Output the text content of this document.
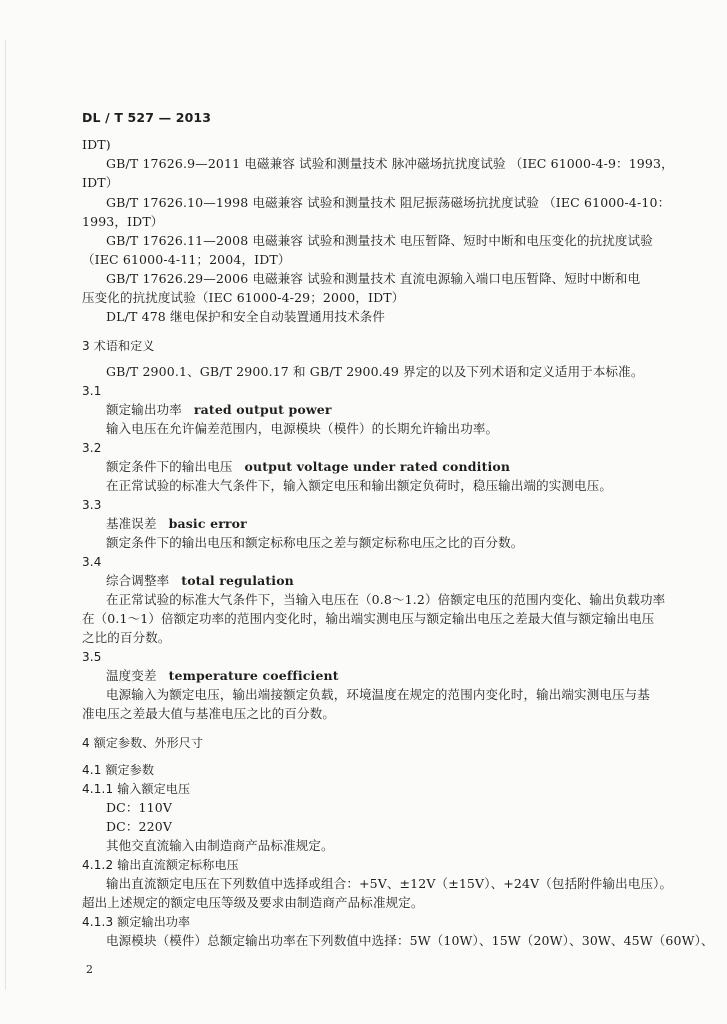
DL / T 527 — 2013
IDT)
GB/T 17626.9—2011 电磁兼容 试验和测量技术 脉冲磁场抗扰度试验 （IEC 61000-4-9：1993，
IDT）
GB/T 17626.10—1998 电磁兼容 试验和测量技术 阻尼振荡磁场抗扰度试验 （IEC 61000-4-10：
1993，IDT）
GB/T 17626.11—2008 电磁兼容 试验和测量技术 电压暂降、短时中断和电压变化的抗扰度试验
（IEC 61000-4-11；2004，IDT）
GB/T 17626.29—2006 电磁兼容 试验和测量技术 直流电源输入端口电压暂降、短时中断和电
压变化的抗扰度试验（IEC 61000-4-29；2000，IDT）
DL/T 478 继电保护和安全自动装置通用技术条件
3 术语和定义
GB/T 2900.1、GB/T 2900.17 和 GB/T 2900.49 界定的以及下列术语和定义适用于本标准。
3.1
额定输出功率 rated output power
输入电压在允许偏差范围内，电源模块（模件）的长期允许输出功率。
3.2
额定条件下的输出电压 output voltage under rated condition
在正常试验的标准大气条件下，输入额定电压和输出额定负荷时，稳压输出端的实测电压。
3.3
基准误差 basic error
额定条件下的输出电压和额定标称电压之差与额定标称电压之比的百分数。
3.4
综合调整率 total regulation
在正常试验的标准大气条件下，当输入电压在（0.8～1.2）倍额定电压的范围内变化、输出负载功率
在（0.1～1）倍额定功率的范围内变化时，输出端实测电压与额定输出电压之差最大值与额定输出电压
之比的百分数。
3.5
温度变差 temperature coefficient
电源输入为额定电压，输出端接额定负载，环境温度在规定的范围内变化时，输出端实测电压与基
准电压之差最大值与基准电压之比的百分数。
4 额定参数、外形尺寸
4.1 额定参数
4.1.1 输入额定电压
DC：110V
DC：220V
其他交直流输入由制造商产品标准规定。
4.1.2 输出直流额定标称电压
输出直流额定电压在下列数值中选择或组合：+5V、±12V（±15V）、+24V（包括附件输出电压）。
超出上述规定的额定电压等级及要求由制造商产品标准规定。
4.1.3 额定输出功率
电源模块（模件）总额定输出功率在下列数值中选择：5W（10W）、15W（20W）、30W、45W（60W）、
2
